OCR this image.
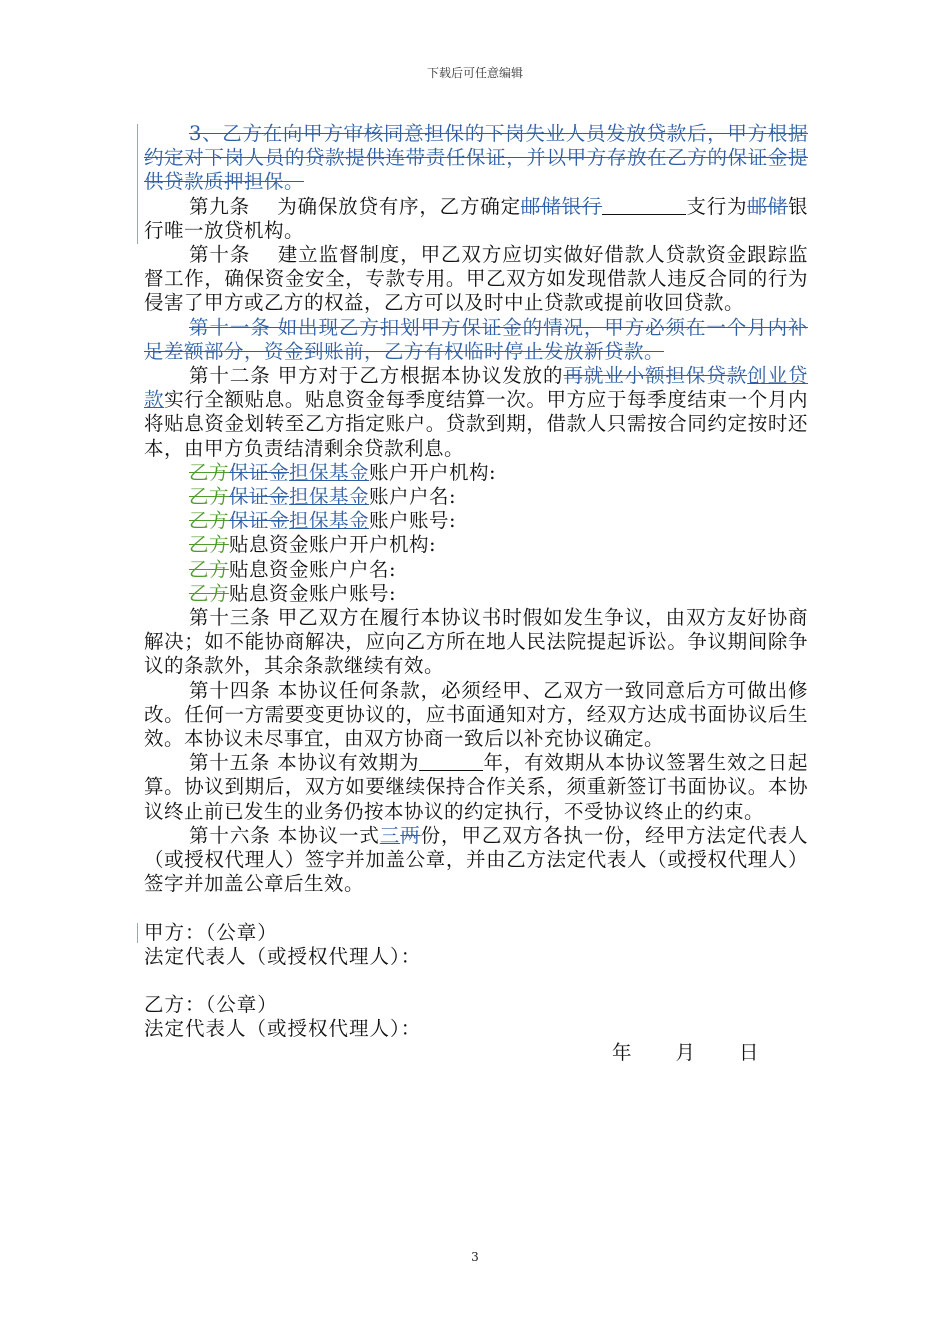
下载后可任意编辑

3、乙方在向甲方审核同意担保的下岗失业人员发放贷款后，甲方根据约定对下岗人员的贷款提供连带责任保证，并以甲方存放在乙方的保证金提供贷款质押担保。

第九条　 为确保放贷有序，乙方确定邮储银行	支行为邮储银行唯一放贷机构。

第十条　 建立监督制度，甲乙双方应切实做好借款人贷款资金跟踪监督工作，确保资金安全，专款专用。甲乙双方如发现借款人违反合同的行为侵害了甲方或乙方的权益，乙方可以及时中止贷款或提前收回贷款。

第十一条 如出现乙方扣划甲方保证金的情况，甲方必须在一个月内补足差额部分，资金到账前，乙方有权临时停止发放新贷款。

第十二条 甲方对于乙方根据本协议发放的再就业小额担保贷款创业贷款实行全额贴息。贴息资金每季度结算一次。甲方应于每季度结束一个月内将贴息资金划转至乙方指定账户。贷款到期，借款人只需按合同约定按时还本，由甲方负责结清剩余贷款利息。

乙方保证金担保基金账户开户机构:

乙方保证金担保基金账户户名:

乙方保证金担保基金账户账号:

乙方贴息资金账户开户机构:

乙方贴息资金账户户名:

乙方贴息资金账户账号:

第十三条 甲乙双方在履行本协议书时假如发生争议，由双方友好协商解决；如不能协商解决，应向乙方所在地人民法院提起诉讼。争议期间除争议的条款外，其余条款继续有效。

第十四条 本协议任何条款，必须经甲、乙双方一致同意后方可做出修改。任何一方需要变更协议的，应书面通知对方，经双方达成书面协议后生效。本协议未尽事宜，由双方协商一致后以补充协议确定。

第十五条 本协议有效期为	年，有效期从本协议签署生效之日起算。协议到期后，双方如要继续保持合作关系，须重新签订书面协议。本协议终止前已发生的业务仍按本协议的约定执行，不受协议终止的约束。

第十六条 本协议一式三两份，甲乙双方各执一份，经甲方法定代表人（或授权代理人）签字并加盖公章，并由乙方法定代表人（或授权代理人）签字并加盖公章后生效。

甲方：（公章）

法定代表人（或授权代理人）：

乙方：（公章）

法定代表人（或授权代理人）：

年 月 日

3
